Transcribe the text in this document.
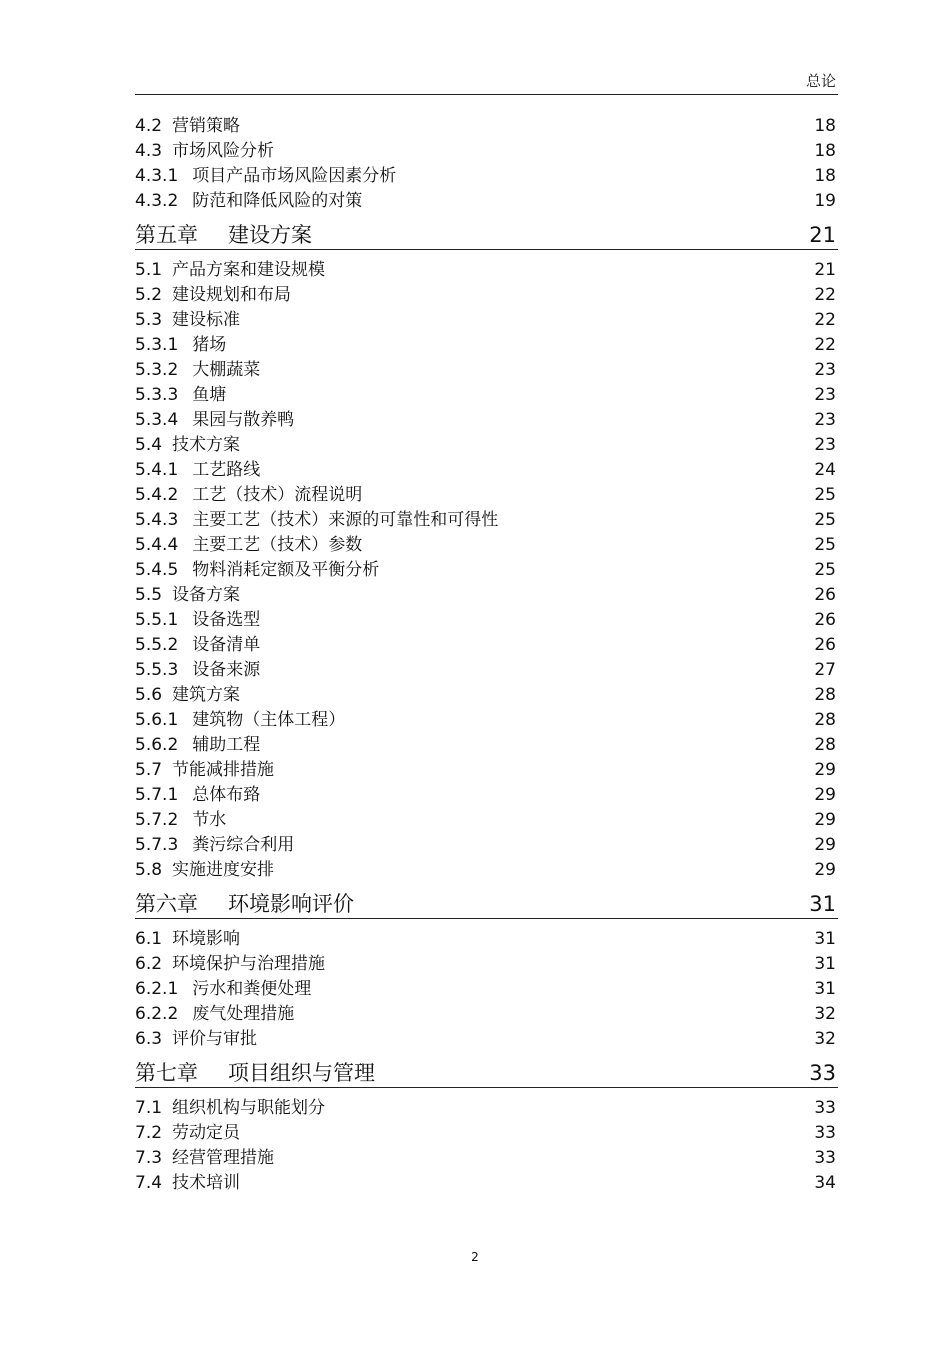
总论
4.2 营销策略	18
4.3 市场风险分析	18
4.3.1 项目产品市场风险因素分析	18
4.3.2 防范和降低风险的对策	19
第五章 建设方案	21
5.1 产品方案和建设规模	21
5.2 建设规划和布局	22
5.3 建设标准	22
5.3.1 猪场	22
5.3.2 大棚蔬菜	23
5.3.3 鱼塘	23
5.3.4 果园与散养鸭	23
5.4 技术方案	23
5.4.1 工艺路线	24
5.4.2 工艺（技术）流程说明	25
5.4.3 主要工艺（技术）来源的可靠性和可得性	25
5.4.4 主要工艺（技术）参数	25
5.4.5 物料消耗定额及平衡分析	25
5.5 设备方案	26
5.5.1 设备选型	26
5.5.2 设备清单	26
5.5.3 设备来源	27
5.6 建筑方案	28
5.6.1 建筑物（主体工程）	28
5.6.2 辅助工程	28
5.7 节能减排措施	29
5.7.1 总体布臵	29
5.7.2 节水	29
5.7.3 粪污综合利用	29
5.8 实施进度安排	29
第六章 环境影响评价	31
6.1 环境影响	31
6.2 环境保护与治理措施	31
6.2.1 污水和粪便处理	31
6.2.2 废气处理措施	32
6.3 评价与审批	32
第七章 项目组织与管理	33
7.1 组织机构与职能划分	33
7.2 劳动定员	33
7.3 经营管理措施	33
7.4 技术培训	34
2
